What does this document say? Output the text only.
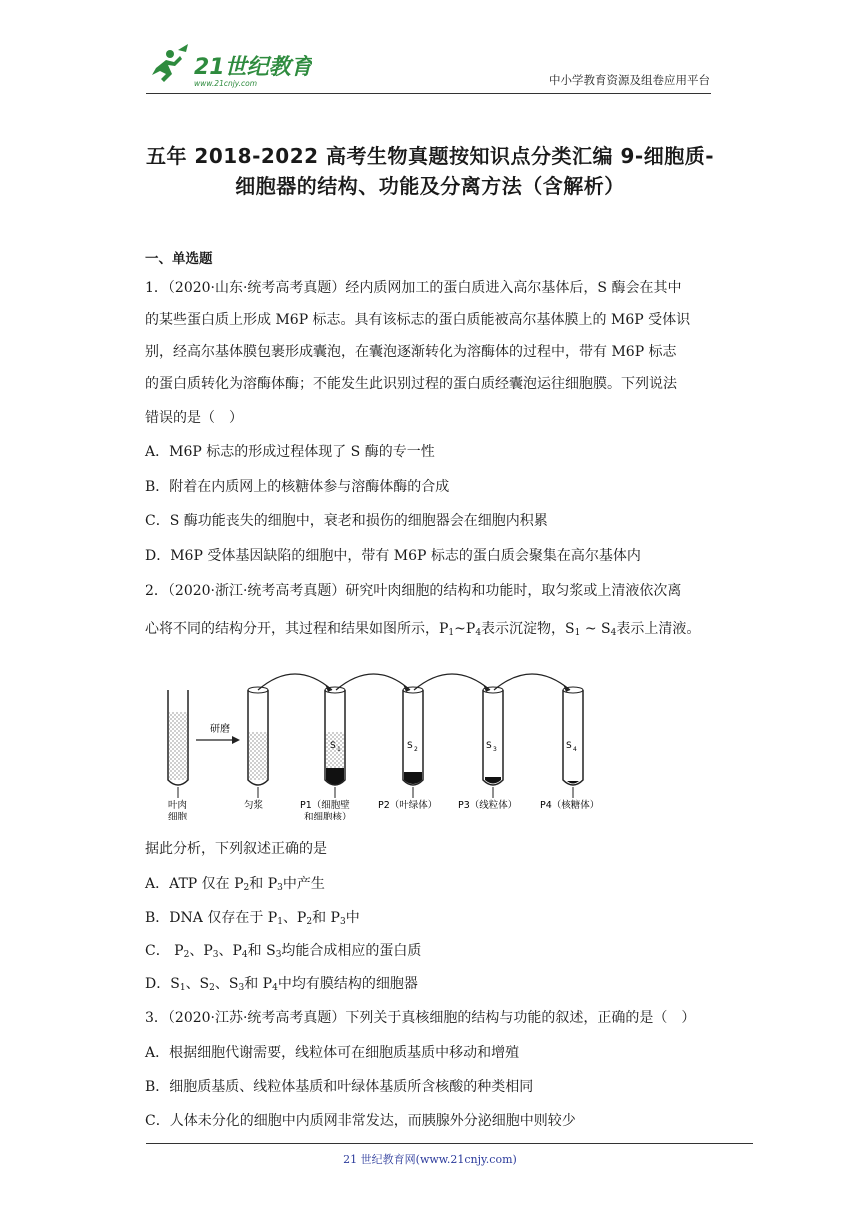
21世纪教育
www.21cnjy.com	中小学教育资源及组卷应用平台
五年 2018-2022 高考生物真题按知识点分类汇编 9-细胞质-
细胞器的结构、功能及分离方法（含解析）
一、单选题
1．（2020·山东·统考高考真题）经内质网加工的蛋白质进入高尔基体后，S 酶会在其中
的某些蛋白质上形成 M6P 标志。具有该标志的蛋白质能被高尔基体膜上的 M6P 受体识
别，经高尔基体膜包裹形成囊泡，在囊泡逐渐转化为溶酶体的过程中，带有 M6P 标志
的蛋白质转化为溶酶体酶；不能发生此识别过程的蛋白质经囊泡运往细胞膜。下列说法
错误的是（　）
A．M6P 标志的形成过程体现了 S 酶的专一性
B．附着在内质网上的核糖体参与溶酶体酶的合成
C．S 酶功能丧失的细胞中，衰老和损伤的细胞器会在细胞内积累
D．M6P 受体基因缺陷的细胞中，带有 M6P 标志的蛋白质会聚集在高尔基体内
2．（2020·浙江·统考高考真题）研究叶肉细胞的结构和功能时，取匀浆或上清液依次离
心将不同的结构分开，其过程和结果如图所示，$P_1\sim P_4$表示沉淀物，$S_1$ ~ $S_4$表示上清液。
叶肉
细胞
研磨
匀浆
S 1
P1（细胞壁
和细胞核）
S 2
P2（叶绿体）
S 3
P3（线粒体）
S 4
P4（核糖体）
据此分析，下列叙述正确的是
A．ATP 仅在 $P_2$和 $P_3$中产生
B．DNA 仅存在于 $P_1$、$P_2$和 $P_3$中
C． $P_2$、$P_3$、$P_4$和 $S_3$均能合成相应的蛋白质
D．$S_1$、$S_2$、$S_3$和 $P_4$中均有膜结构的细胞器
3．（2020·江苏·统考高考真题）下列关于真核细胞的结构与功能的叙述，正确的是（　）
A．根据细胞代谢需要，线粒体可在细胞质基质中移动和增殖
B．细胞质基质、线粒体基质和叶绿体基质所含核酸的种类相同
C．人体未分化的细胞中内质网非常发达，而胰腺外分泌细胞中则较少
21 世纪教育网(www.21cnjy.com)
